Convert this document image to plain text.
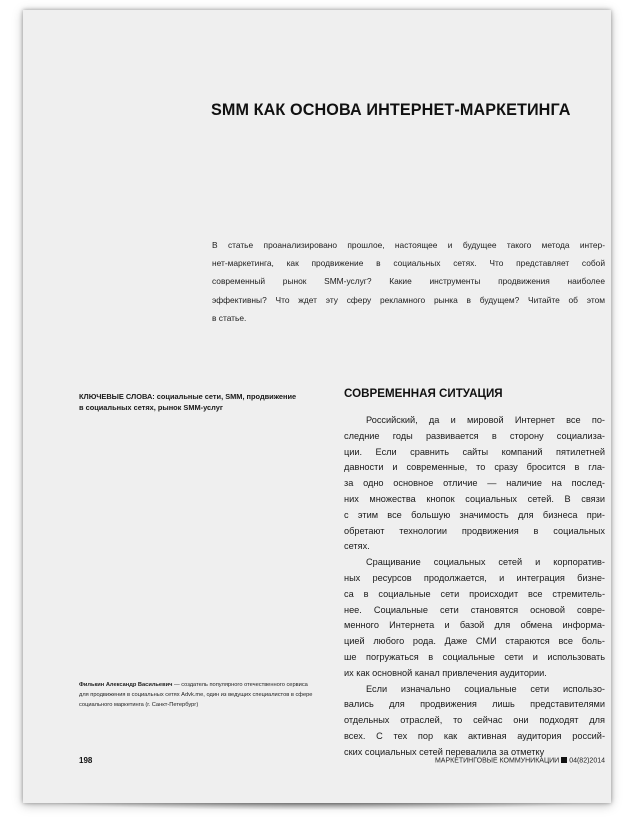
SMM КАК ОСНОВА ИНТЕРНЕТ-МАРКЕТИНГА
В статье проанализировано прошлое, настоящее и будущее такого метода интер-
нет-маркетинга, как продвижение в социальных сетях. Что представляет собой
современный рынок SMM-услуг? Какие инструменты продвижения наиболее
эффективны? Что ждет эту сферу рекламного рынка в будущем? Читайте об этом
в статье.
КЛЮЧЕВЫЕ СЛОВА: социальные сети, SMM, продвижение
в социальных сетях, рынок SMM-услуг
СОВРЕМЕННАЯ СИТУАЦИЯ
Российский, да и мировой Интернет все по-
следние годы развивается в сторону социализа-
ции. Если сравнить сайты компаний пятилетней
давности и современные, то сразу бросится в гла-
за одно основное отличие — наличие на послед-
них множества кнопок социальных сетей. В связи
с этим все большую значимость для бизнеса при-
обретают технологии продвижения в социальных
сетях.
Сращивание социальных сетей и корпоратив-
ных ресурсов продолжается, и интеграция бизне-
са в социальные сети происходит все стремитель-
нее. Социальные сети становятся основой совре-
менного Интернета и базой для обмена информа-
цией любого рода. Даже СМИ стараются все боль-
ше погружаться в социальные сети и использовать
их как основной канал привлечения аудитории.
Если изначально социальные сети использо-
вались для продвижения лишь представителями
отдельных отраслей, то сейчас они подходят для
всех. С тех пор как активная аудитория россий-
ских социальных сетей перевалила за отметку
Филькин Александр Васильевич — создатель популярного отечественного сервиса
для продвижения в социальных сетях Advk.me, один из ведущих специалистов в сфере
социального маркетинга (г. Санкт-Петербург)
198	МАРКЕТИНГОВЫЕ КОММУНИКАЦИИ 04(82)2014
